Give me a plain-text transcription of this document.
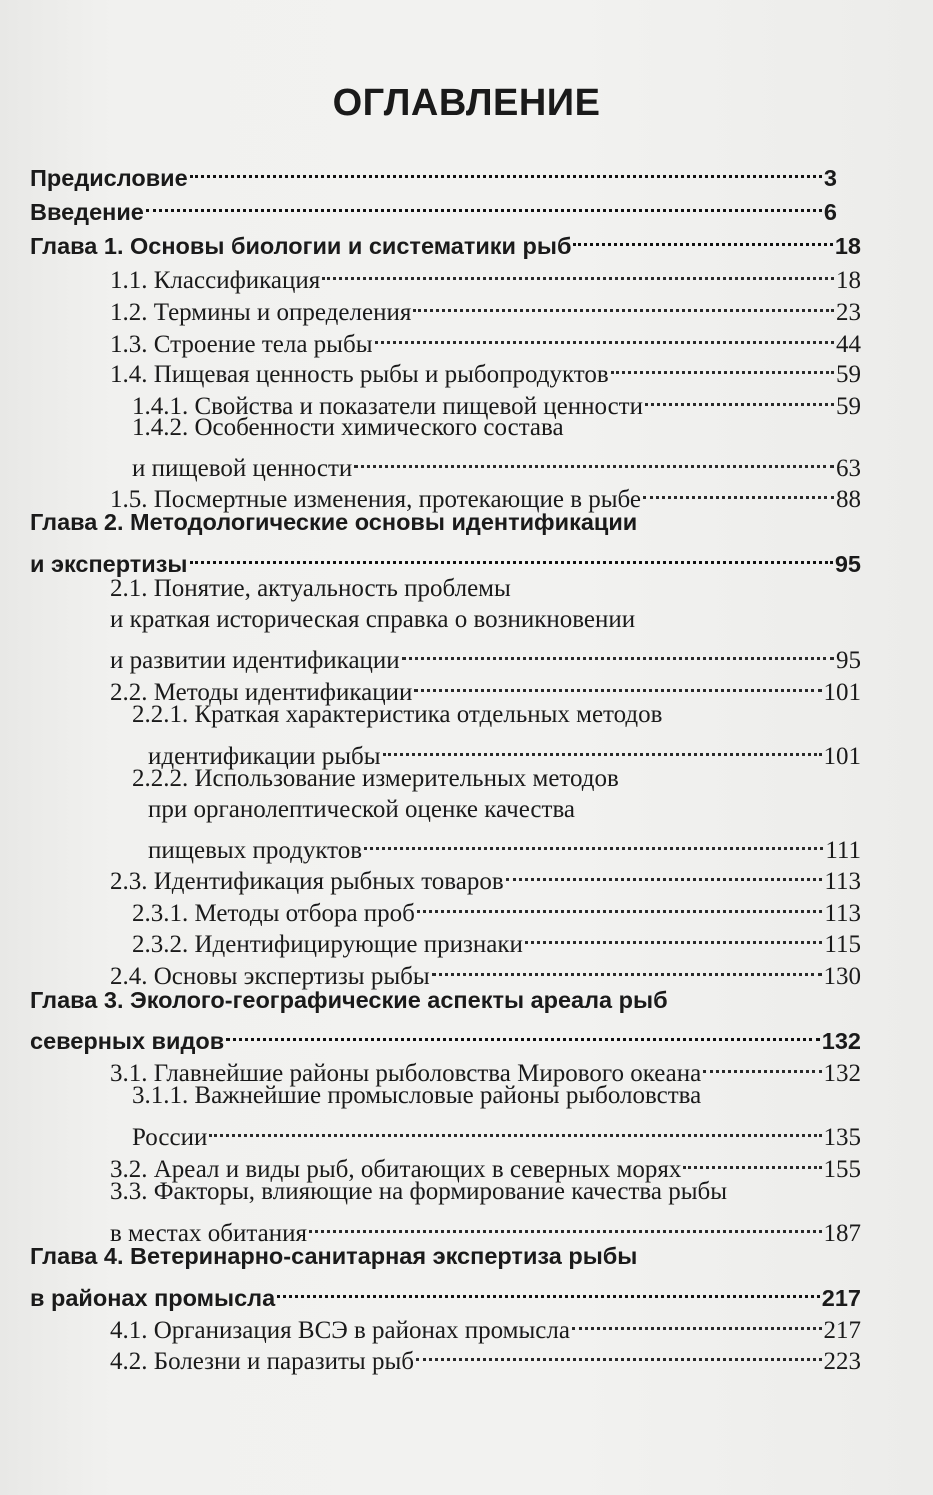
ОГЛАВЛЕНИЕ
Предисловие	3
Введение	6
Глава 1. Основы биологии и систематики рыб	18
1.1. Классификация	18
1.2. Термины и определения	23
1.3. Строение тела рыбы	44
1.4. Пищевая ценность рыбы и рыбопродуктов	59
1.4.1. Свойства и показатели пищевой ценности	59
1.4.2. Особенности химического состава
и пищевой ценности	63
1.5. Посмертные изменения, протекающие в рыбе	88
Глава 2. Методологические основы идентификации
и экспертизы	95
2.1. Понятие, актуальность проблемы
и краткая историческая справка о возникновении
и развитии идентификации	95
2.2. Методы идентификации	101
2.2.1. Краткая характеристика отдельных методов
идентификации рыбы	101
2.2.2. Использование измерительных методов
при органолептической оценке качества
пищевых продуктов	111
2.3. Идентификация рыбных товаров	113
2.3.1. Методы отбора проб	113
2.3.2. Идентифицирующие признаки	115
2.4. Основы экспертизы рыбы	130
Глава 3. Эколого-географические аспекты ареала рыб
северных видов	132
3.1. Главнейшие районы рыболовства Мирового океана	132
3.1.1. Важнейшие промысловые районы рыболовства
России	135
3.2. Ареал и виды рыб, обитающих в северных морях	155
3.3. Факторы, влияющие на формирование качества рыбы
в местах обитания	187
Глава 4. Ветеринарно-санитарная экспертиза рыбы
в районах промысла	217
4.1. Организация ВСЭ в районах промысла	217
4.2. Болезни и паразиты рыб	223
